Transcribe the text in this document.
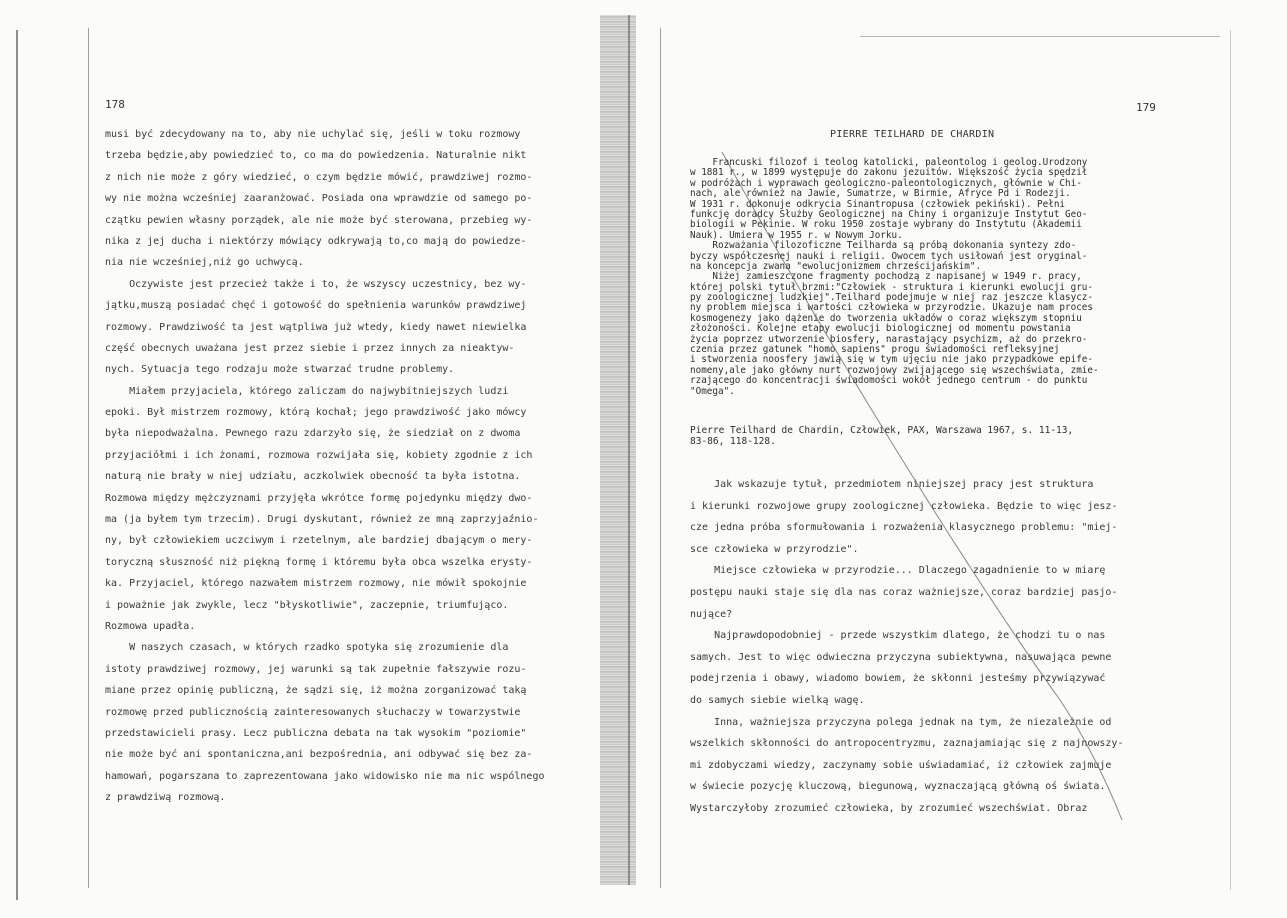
178
musi być zdecydowany na to, aby nie uchylać się, jeśli w toku rozmowy
trzeba będzie,aby powiedzieć to, co ma do powiedzenia. Naturalnie nikt
z nich nie może z góry wiedzieć, o czym będzie mówić, prawdziwej rozmo-
wy nie można wcześniej zaaranżować. Posiada ona wprawdzie od samego po-
czątku pewien własny porządek, ale nie może być sterowana, przebieg wy-
nika z jej ducha i niektórzy mówiący odkrywają to,co mają do powiedze-
nia nie wcześniej,niż go uchwycą.
Oczywiste jest przecież także i to, że wszyscy uczestnicy, bez wy-
jątku,muszą posiadać chęć i gotowość do spełnienia warunków prawdziwej
rozmowy. Prawdziwość ta jest wątpliwa już wtedy, kiedy nawet niewielka
część obecnych uważana jest przez siebie i przez innych za nieaktyw-
nych. Sytuacja tego rodzaju może stwarzać trudne problemy.
Miałem przyjaciela, którego zaliczam do najwybitniejszych ludzi
epoki. Był mistrzem rozmowy, którą kochał; jego prawdziwość jako mówcy
była niepodważalna. Pewnego razu zdarzyło się, że siedział on z dwoma
przyjaciółmi i ich żonami, rozmowa rozwijała się, kobiety zgodnie z ich
naturą nie brały w niej udziału, aczkolwiek obecność ta była istotna.
Rozmowa między mężczyznami przyjęła wkrótce formę pojedynku między dwo-
ma (ja byłem tym trzecim). Drugi dyskutant, również ze mną zaprzyjaźnio-
ny, był człowiekiem uczciwym i rzetelnym, ale bardziej dbającym o mery-
toryczną słuszność niż piękną formę i któremu była obca wszelka erysty-
ka. Przyjaciel, którego nazwałem mistrzem rozmowy, nie mówił spokojnie
i poważnie jak zwykle, lecz "błyskotliwie", zaczepnie, triumfująco.
Rozmowa upadła.
W naszych czasach, w których rzadko spotyka się zrozumienie dla
istoty prawdziwej rozmowy, jej warunki są tak zupełnie fałszywie rozu-
miane przez opinię publiczną, że sądzi się, iż można zorganizować taką
rozmowę przed publicznością zainteresowanych słuchaczy w towarzystwie
przedstawicieli prasy. Lecz publiczna debata na tak wysokim "poziomie"
nie może być ani spontaniczna,ani bezpośrednia, ani odbywać się bez za-
hamowań, pogarszana to zaprezentowana jako widowisko nie ma nic wspólnego
z prawdziwą rozmową.
179
PIERRE TEILHARD DE CHARDIN
Francuski filozof i teolog katolicki, paleontolog i geolog.Urodzony
w 1881 r., w 1899 występuje do zakonu jezuitów. Większość życia spędził
w podróżach i wyprawach geologiczno-paleontologicznych, głównie w Chi-
nach, ale również na Jawie, Sumatrze, w Birmie, Afryce Pd i Rodezji.
W 1931 r. dokonuje odkrycia Sinantropusa (człowiek pekiński). Pełni
funkcję doradcy Służby Geologicznej na Chiny i organizuje Instytut Geo-
biologii w Pekinie. W roku 1950 zostaje wybrany do Instytutu (Akademii
Nauk). Umiera w 1955 r. w Nowym Jorku.
Rozważania filozoficzne Teilharda są próbą dokonania syntezy zdo-
byczy współczesnej nauki i religii. Owocem tych usiłowań jest oryginal-
na koncepcja zwana "ewolucjonizmem chrześcijańskim".
Niżej zamieszczone fragmenty pochodzą z napisanej w 1949 r. pracy,
której polski tytuł brzmi:"Człowiek - struktura i kierunki ewolucji gru-
py zoologicznej ludzkiej".Teilhard podejmuje w niej raz jeszcze klasycz-
ny problem miejsca i wartości człowieka w przyrodzie. Ukazuje nam proces
kosmogenezy jako dążenie do tworzenia układów o coraz większym stopniu
złożoności. Kolejne etapy ewolucji biologicznej od momentu powstania
życia poprzez utworzenie biosfery, narastający psychizm, aż do przekro-
czenia przez gatunek "homo sapiens" progu świadomości refleksyjnej
i stworzenia noosfery jawią się w tym ujęciu nie jako przypadkowe epife-
nomeny,ale jako główny nurt rozwojowy zwijającego się wszechświata, zmie-
rzającego do koncentracji świadomości wokół jednego centrum - do punktu
"Omega".
Pierre Teilhard de Chardin, Człowiek, PAX, Warszawa 1967, s. 11-13,
83-86, 118-128.
Jak wskazuje tytuł, przedmiotem niniejszej pracy jest struktura
i kierunki rozwojowe grupy zoologicznej człowieka. Będzie to więc jesz-
cze jedna próba sformułowania i rozważenia klasycznego problemu: "miej-
sce człowieka w przyrodzie".
Miejsce człowieka w przyrodzie... Dlaczego zagadnienie to w miarę
postępu nauki staje się dla nas coraz ważniejsze, coraz bardziej pasjo-
nujące?
Najprawdopodobniej - przede wszystkim dlatego, że chodzi tu o nas
samych. Jest to więc odwieczna przyczyna subiektywna, nasuwająca pewne
podejrzenia i obawy, wiadomo bowiem, że skłonni jesteśmy przywiązywać
do samych siebie wielką wagę.
Inna, ważniejsza przyczyna polega jednak na tym, że niezależnie od
wszelkich skłonności do antropocentryzmu, zaznajamiając się z najnowszy-
mi zdobyczami wiedzy, zaczynamy sobie uświadamiać, iż człowiek zajmuje
w świecie pozycję kluczową, biegunową, wyznaczającą główną oś świata.
Wystarczyłoby zrozumieć człowieka, by zrozumieć wszechświat. Obraz
